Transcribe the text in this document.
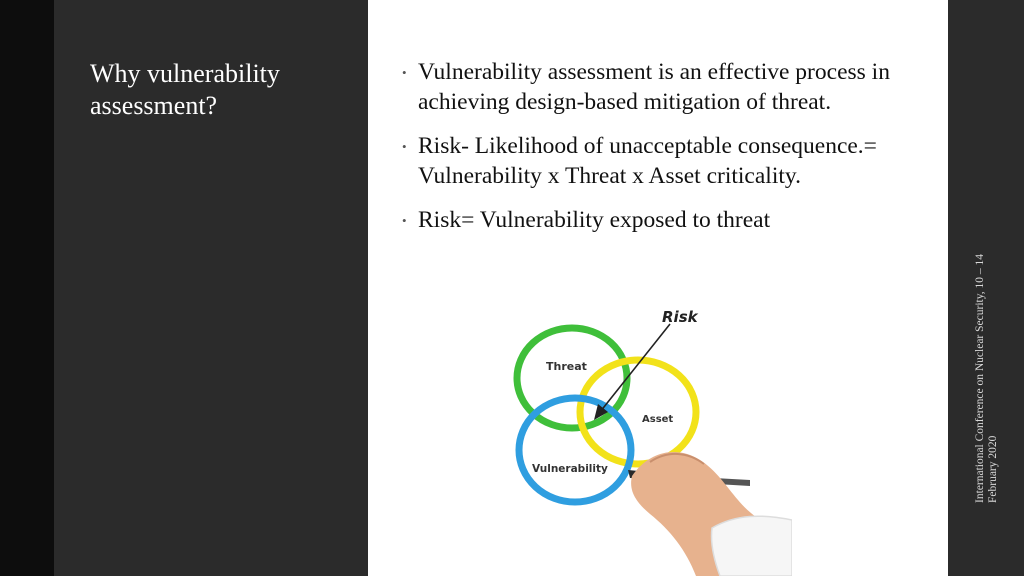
Why vulnerability assessment?
• Vulnerability assessment is an effective process in achieving design-based mitigation of threat.
• Risk- Likelihood of unacceptable consequence.= Vulnerability x Threat x Asset criticality.
• Risk= Vulnerability exposed to threat
Risk
Threat
Asset
Vulnerability	International Conference on Nuclear Security, 10 – 14 February 2020
